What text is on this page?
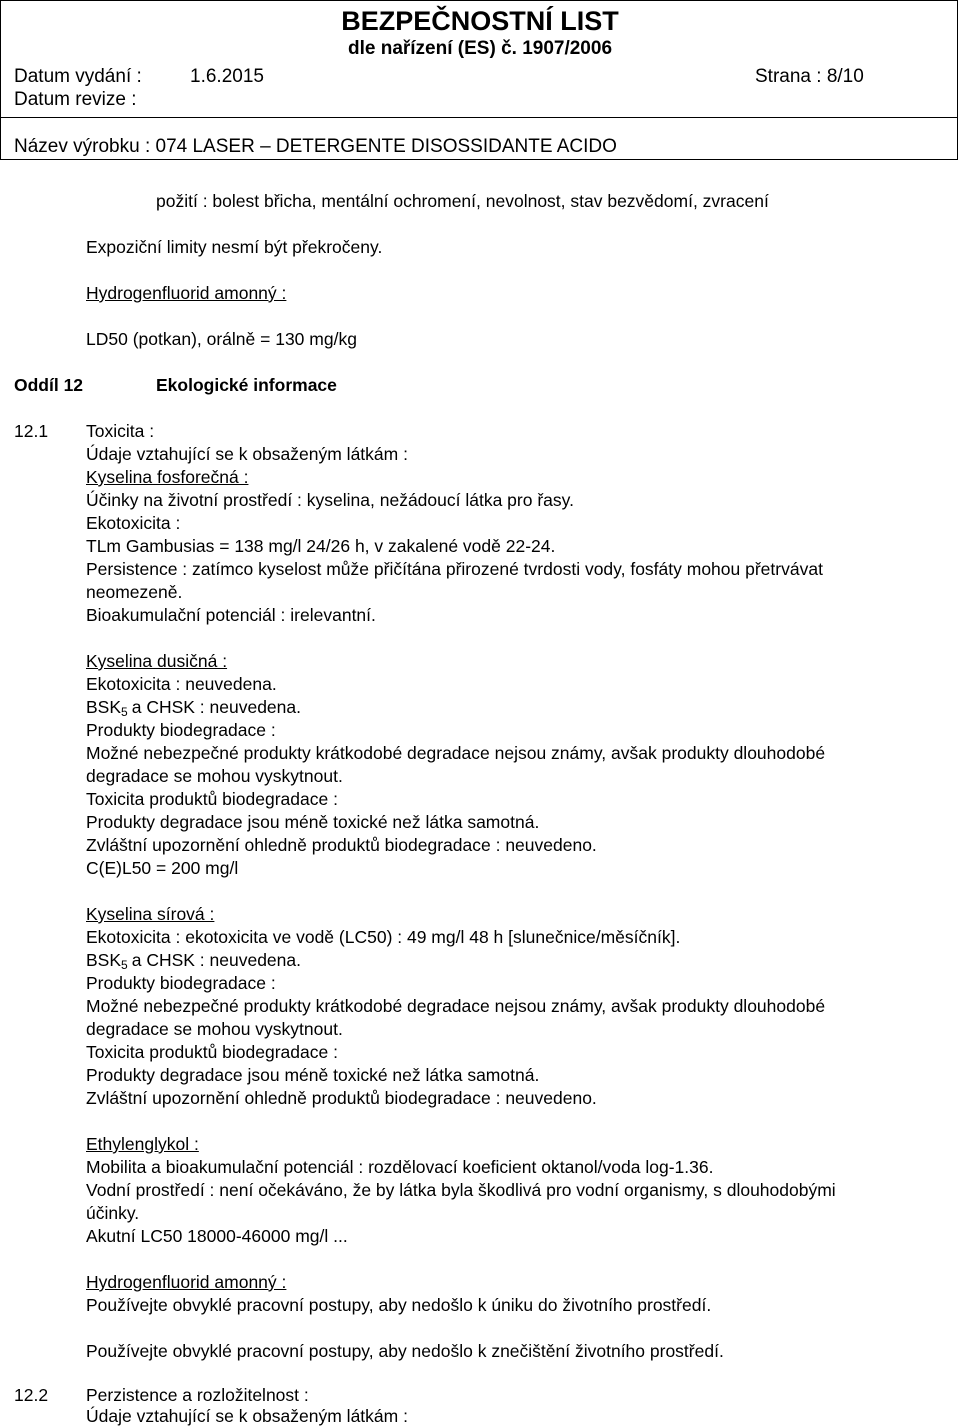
BEZPEČNOSTNÍ LIST
dle nařízení (ES) č. 1907/2006
Datum vydání :	1.6.2015
Datum revize :
Strana : 8/10
Název výrobku : 074 LASER – DETERGENTE DISOSSIDANTE ACIDO
požití : bolest břicha, mentální ochromení, nevolnost, stav bezvědomí, zvracení
Expoziční limity nesmí být překročeny.
Hydrogenfluorid amonný :
LD50 (potkan), orálně = 130 mg/kg
Oddíl 12	Ekologické informace
12.1 Toxicita :
Údaje vztahující se k obsaženým látkám :
Kyselina fosforečná :
Účinky na životní prostředí : kyselina, nežádoucí látka pro řasy.
Ekotoxicita :
TLm Gambusias = 138 mg/l 24/26 h, v zakalené vodě 22-24.
Persistence : zatímco kyselost může přičítána přirozené tvrdosti vody, fosfáty mohou přetrvávat
neomezeně.
Bioakumulační potenciál : irelevantní.
Kyselina dusičná :
Ekotoxicita : neuvedena.
$BSK_5$ a CHSK : neuvedena.
Produkty biodegradace :
Možné nebezpečné produkty krátkodobé degradace nejsou známy, avšak produkty dlouhodobé
degradace se mohou vyskytnout.
Toxicita produktů biodegradace :
Produkty degradace jsou méně toxické než látka samotná.
Zvláštní upozornění ohledně produktů biodegradace : neuvedeno.
C(E)L50 = 200 mg/l
Kyselina sírová :
Ekotoxicita : ekotoxicita ve vodě (LC50) : 49 mg/l 48 h [slunečnice/měsíčník].
$BSK_5$ a CHSK : neuvedena.
Produkty biodegradace :
Možné nebezpečné produkty krátkodobé degradace nejsou známy, avšak produkty dlouhodobé
degradace se mohou vyskytnout.
Toxicita produktů biodegradace :
Produkty degradace jsou méně toxické než látka samotná.
Zvláštní upozornění ohledně produktů biodegradace : neuvedeno.
Ethylenglykol :
Mobilita a bioakumulační potenciál : rozdělovací koeficient oktanol/voda log-1.36.
Vodní prostředí : není očekáváno, že by látka byla škodlivá pro vodní organismy, s dlouhodobými
účinky.
Akutní LC50 18000-46000 mg/l ...
Hydrogenfluorid amonný :
Používejte obvyklé pracovní postupy, aby nedošlo k úniku do životního prostředí.
Používejte obvyklé pracovní postupy, aby nedošlo k znečištění životního prostředí.
12.2 Perzistence a rozložitelnost :
Údaje vztahující se k obsaženým látkám :
